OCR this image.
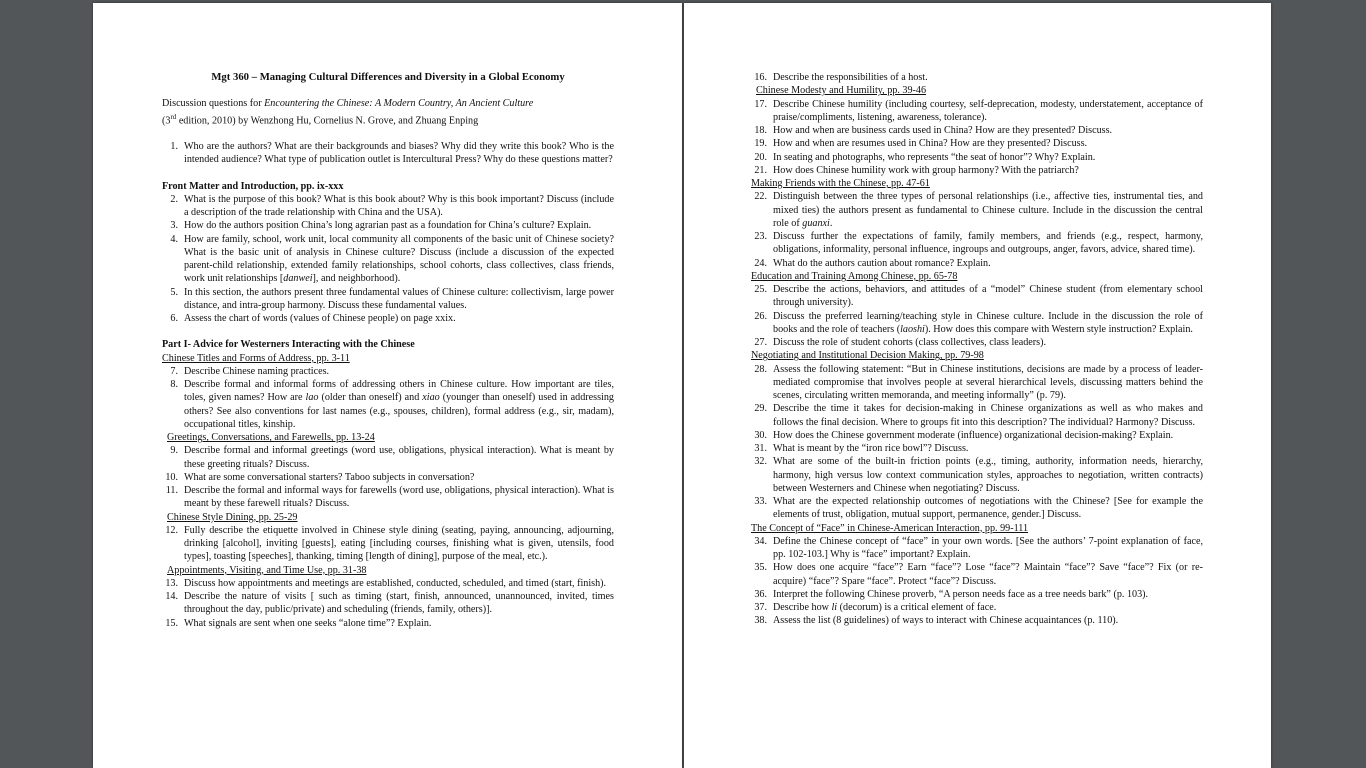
Mgt 360 – Managing Cultural Differences and Diversity in a Global Economy
Discussion questions for Encountering the Chinese: A Modern Country, An Ancient Culture
(3rd edition, 2010) by Wenzhong Hu, Cornelius N. Grove, and Zhuang Enping
1. Who are the authors? What are their backgrounds and biases? Why did they write this book? Who is the intended audience? What type of publication outlet is Intercultural Press? Why do these questions matter?
Front Matter and Introduction, pp. ix-xxx
2. What is the purpose of this book? What is this book about? Why is this book important? Discuss (include a description of the trade relationship with China and the USA).
3. How do the authors position China’s long agrarian past as a foundation for China’s culture? Explain.
4. How are family, school, work unit, local community all components of the basic unit of Chinese society? What is the basic unit of analysis in Chinese culture? Discuss (include a discussion of the expected parent-child relationship, extended family relationships, school cohorts, class collectives, class friends, work unit relationships [danwei], and neighborhood).
5. In this section, the authors present three fundamental values of Chinese culture: collectivism, large power distance, and intra-group harmony. Discuss these fundamental values.
6. Assess the chart of words (values of Chinese people) on page xxix.
Part I- Advice for Westerners Interacting with the Chinese
Chinese Titles and Forms of Address, pp. 3-11
7. Describe Chinese naming practices.
8. Describe formal and informal forms of addressing others in Chinese culture. How important are tiles, toles, given names? How are lao (older than oneself) and xiao (younger than oneself) used in addressing others? See also conventions for last names (e.g., spouses, children), formal address (e.g., sir, madam), occupational titles, kinship.
Greetings, Conversations, and Farewells, pp. 13-24
9. Describe formal and informal greetings (word use, obligations, physical interaction). What is meant by these greeting rituals? Discuss.
10. What are some conversational starters? Taboo subjects in conversation?
11. Describe the formal and informal ways for farewells (word use, obligations, physical interaction). What is meant by these farewell rituals? Discuss.
Chinese Style Dining, pp. 25-29
12. Fully describe the etiquette involved in Chinese style dining (seating, paying, announcing, adjourning, drinking [alcohol], inviting [guests], eating [including courses, finishing what is given, utensils, food types], toasting [speeches], thanking, timing [length of dining], purpose of the meal, etc.).
Appointments, Visiting, and Time Use, pp. 31-38
13. Discuss how appointments and meetings are established, conducted, scheduled, and timed (start, finish).
14. Describe the nature of visits [ such as timing (start, finish, announced, unannounced, invited, times throughout the day, public/private) and scheduling (friends, family, others)].
15. What signals are sent when one seeks “alone time”? Explain.
16. Describe the responsibilities of a host.
Chinese Modesty and Humility, pp. 39-46
17. Describe Chinese humility (including courtesy, self-deprecation, modesty, understatement, acceptance of praise/compliments, listening, awareness, tolerance).
18. How and when are business cards used in China? How are they presented? Discuss.
19. How and when are resumes used in China? How are they presented? Discuss.
20. In seating and photographs, who represents “the seat of honor”? Why? Explain.
21. How does Chinese humility work with group harmony? With the patriarch?
Making Friends with the Chinese, pp. 47-61
22. Distinguish between the three types of personal relationships (i.e., affective ties, instrumental ties, and mixed ties) the authors present as fundamental to Chinese culture. Include in the discussion the central role of guanxi.
23. Discuss further the expectations of family, family members, and friends (e.g., respect, harmony, obligations, informality, personal influence, ingroups and outgroups, anger, favors, advice, shared time).
24. What do the authors caution about romance? Explain.
Education and Training Among Chinese, pp. 65-78
25. Describe the actions, behaviors, and attitudes of a “model” Chinese student (from elementary school through university).
26. Discuss the preferred learning/teaching style in Chinese culture. Include in the discussion the role of books and the role of teachers (laoshi). How does this compare with Western style instruction? Explain.
27. Discuss the role of student cohorts (class collectives, class leaders).
Negotiating and Institutional Decision Making, pp. 79-98
28. Assess the following statement: “But in Chinese institutions, decisions are made by a process of leader-mediated compromise that involves people at several hierarchical levels, discussing matters behind the scenes, circulating written memoranda, and meeting informally” (p. 79).
29. Describe the time it takes for decision-making in Chinese organizations as well as who makes and follows the final decision. Where to groups fit into this description? The individual? Harmony? Discuss.
30. How does the Chinese government moderate (influence) organizational decision-making? Explain.
31. What is meant by the “iron rice bowl”? Discuss.
32. What are some of the built-in friction points (e.g., timing, authority, information needs, hierarchy, harmony, high versus low context communication styles, approaches to negotiation, written contracts) between Westerners and Chinese when negotiating? Discuss.
33. What are the expected relationship outcomes of negotiations with the Chinese? [See for example the elements of trust, obligation, mutual support, permanence, gender.] Discuss.
The Concept of “Face” in Chinese-American Interaction, pp. 99-111
34. Define the Chinese concept of “face” in your own words. [See the authors’ 7-point explanation of face, pp. 102-103.] Why is “face” important? Explain.
35. How does one acquire “face”? Earn “face”? Lose “face”? Maintain “face”? Save “face”? Fix (or re-acquire) “face”? Spare “face”. Protect “face”? Discuss.
36. Interpret the following Chinese proverb, “A person needs face as a tree needs bark” (p. 103).
37. Describe how li (decorum) is a critical element of face.
38. Assess the list (8 guidelines) of ways to interact with Chinese acquaintances (p. 110).
